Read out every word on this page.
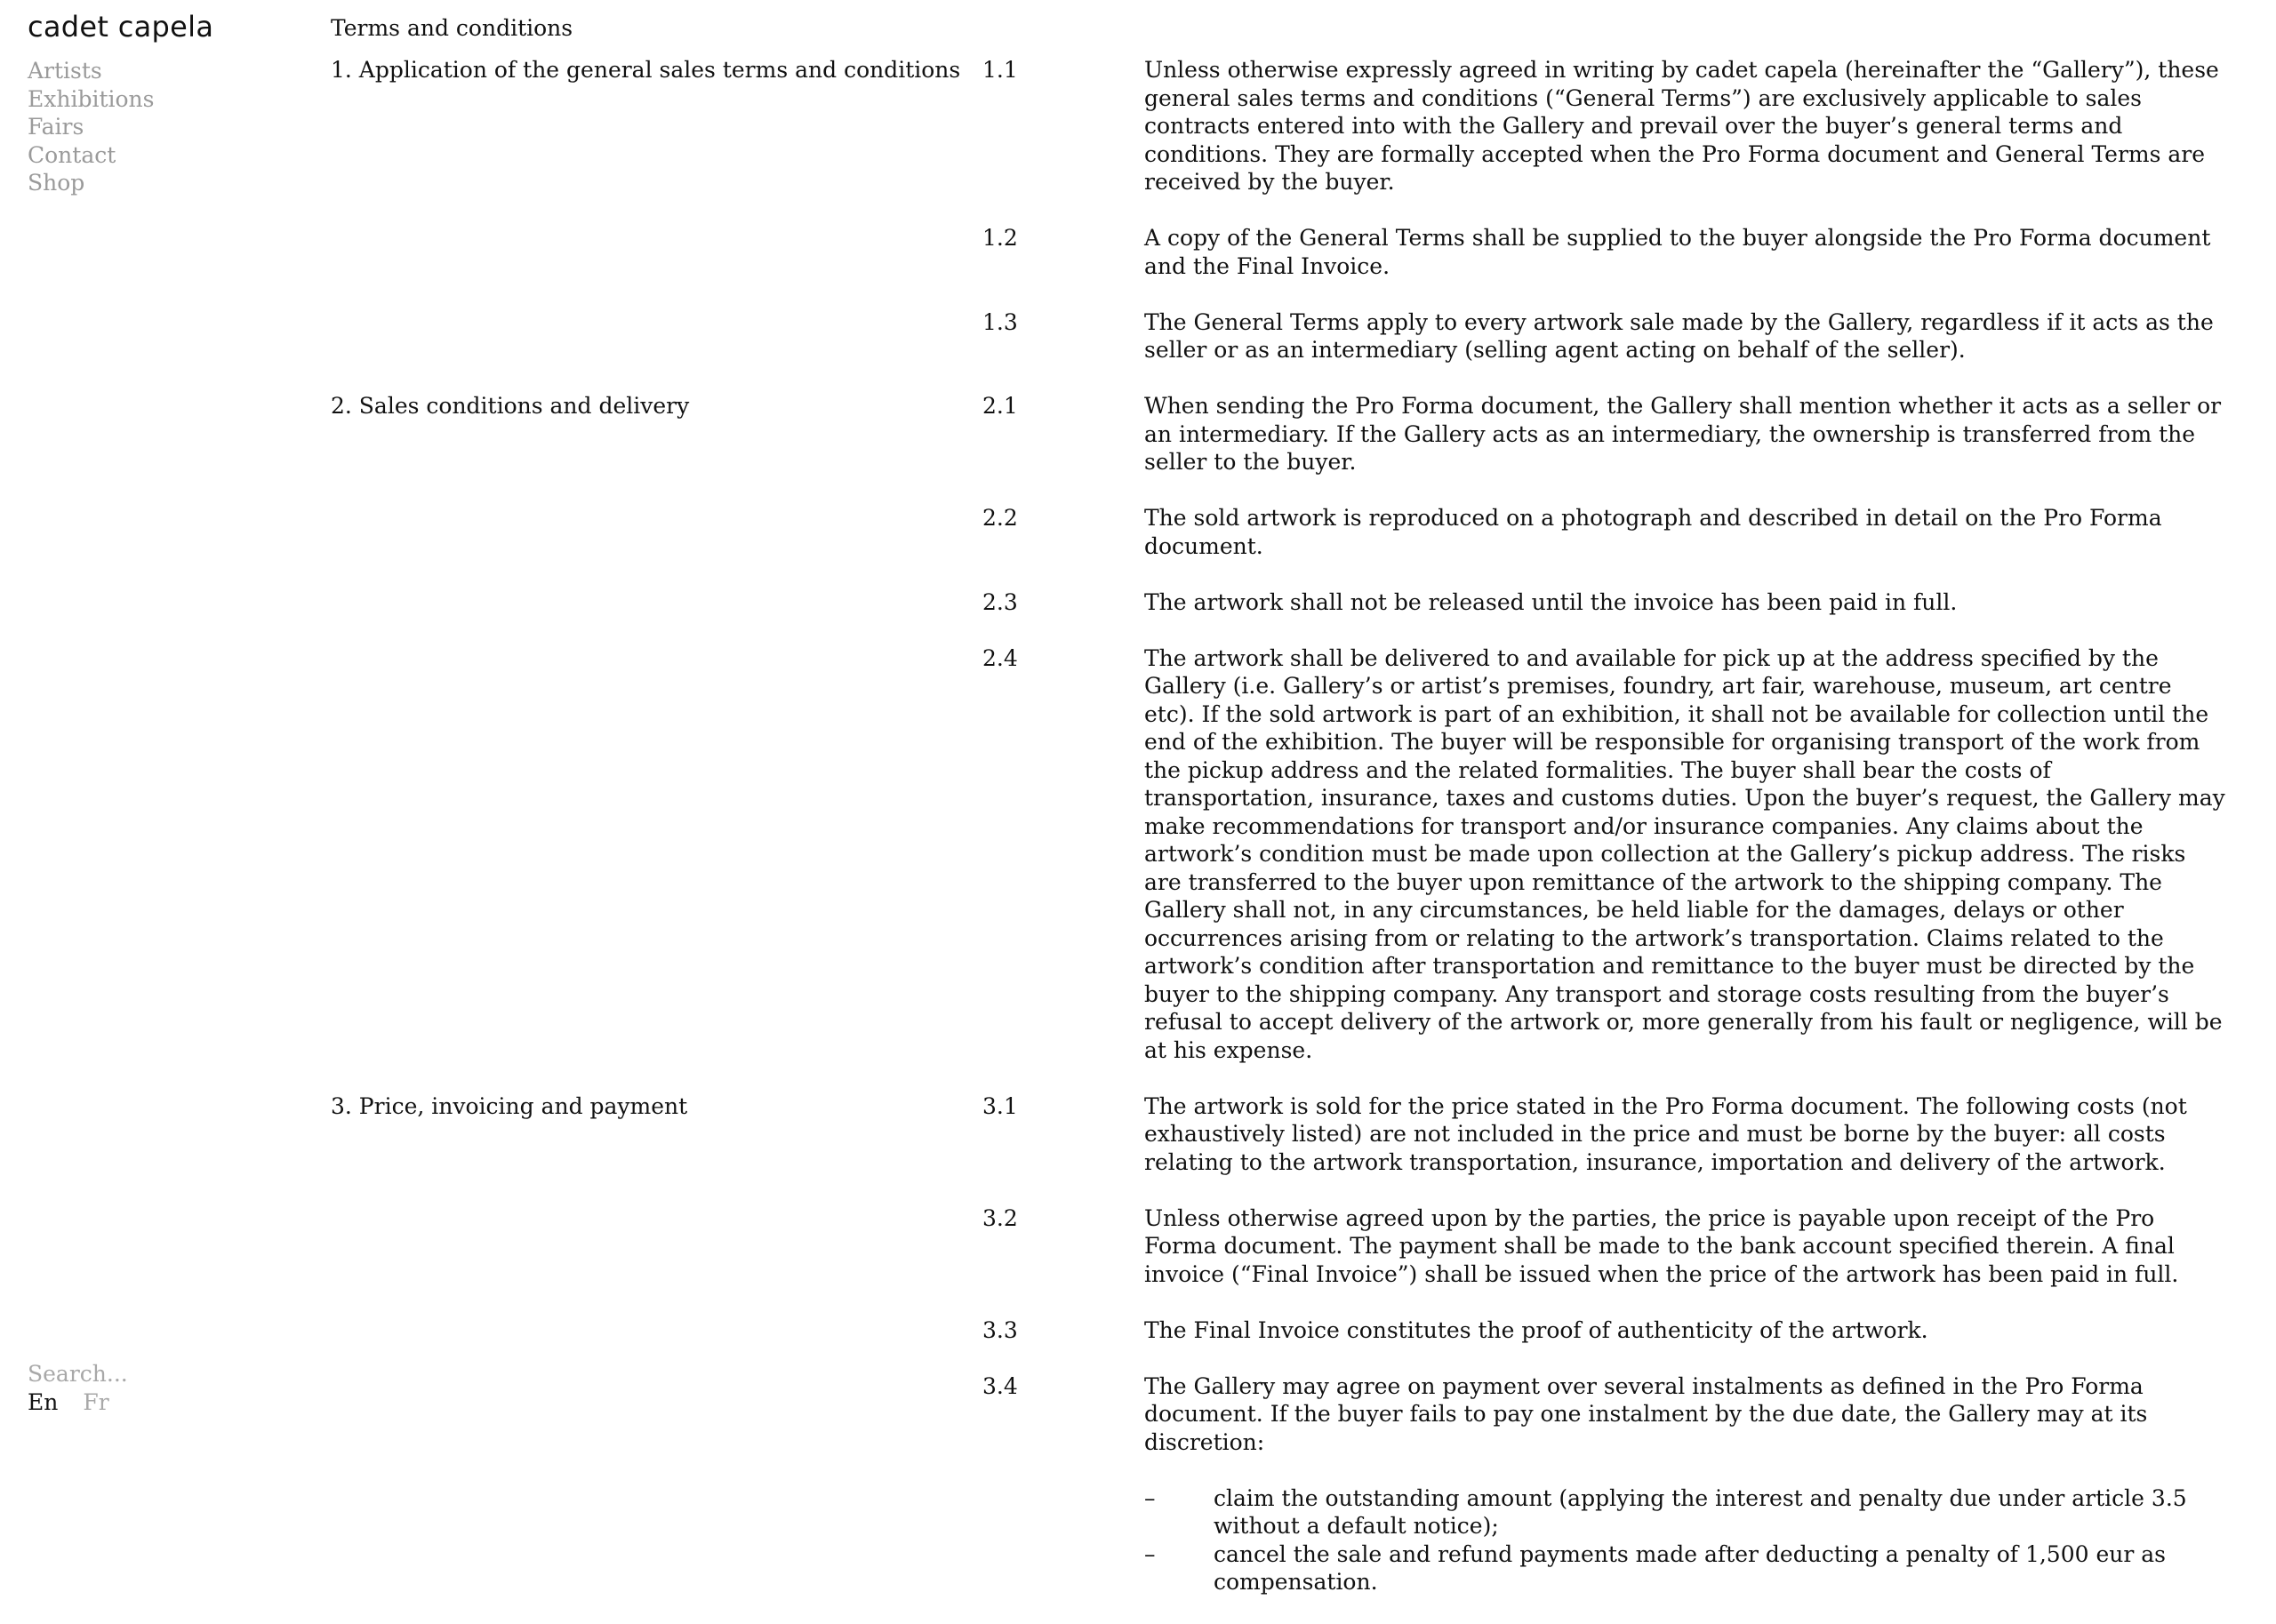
cadet capela
Artists
Exhibitions
Fairs
Contact
Shop
Search...
En Fr
Terms and conditions
1. Application of the general sales terms and conditions 1.1	Unless otherwise expressly agreed in writing by cadet capela (hereinafter the “Gallery”), these general sales terms and conditions (“General Terms”) are exclusively applicable to sales contracts entered into with the Gallery and prevail over the buyer’s general terms and conditions. They are formally accepted when the Pro Forma document and General Terms are received by the buyer.
1.2	A copy of the General Terms shall be supplied to the buyer alongside the Pro Forma document and the Final Invoice.
1.3	The General Terms apply to every artwork sale made by the Gallery, regardless if it acts as the seller or as an intermediary (selling agent acting on behalf of the seller).
2. Sales conditions and delivery	2.1	When sending the Pro Forma document, the Gallery shall mention whether it acts as a seller or an intermediary. If the Gallery acts as an intermediary, the ownership is transferred from the seller to the buyer.
2.2	The sold artwork is reproduced on a photograph and described in detail on the Pro Forma document.
2.3	The artwork shall not be released until the invoice has been paid in full.
2.4	The artwork shall be delivered to and available for pick up at the address specified by the Gallery (i.e. Gallery’s or artist’s premises, foundry, art fair, warehouse, museum, art centre etc). If the sold artwork is part of an exhibition, it shall not be available for collection until the end of the exhibition. The buyer will be responsible for organising transport of the work from the pickup address and the related formalities. The buyer shall bear the costs of transportation, insurance, taxes and customs duties. Upon the buyer’s request, the Gallery may make recommendations for transport and/or insurance companies. Any claims about the artwork’s condition must be made upon collection at the Gallery’s pickup address. The risks are transferred to the buyer upon remittance of the artwork to the shipping company. The Gallery shall not, in any circumstances, be held liable for the damages, delays or other occurrences arising from or relating to the artwork’s transportation. Claims related to the artwork’s condition after transportation and remittance to the buyer must be directed by the buyer to the shipping company. Any transport and storage costs resulting from the buyer’s refusal to accept delivery of the artwork or, more generally from his fault or negligence, will be at his expense.
3. Price, invoicing and payment	3.1	The artwork is sold for the price stated in the Pro Forma document. The following costs (not exhaustively listed) are not included in the price and must be borne by the buyer: all costs relating to the artwork transportation, insurance, importation and delivery of the artwork.
3.2	Unless otherwise agreed upon by the parties, the price is payable upon receipt of the Pro Forma document. The payment shall be made to the bank account specified therein. A final invoice (“Final Invoice”) shall be issued when the price of the artwork has been paid in full.
3.3	The Final Invoice constitutes the proof of authenticity of the artwork.
3.4	The Gallery may agree on payment over several instalments as defined in the Pro Forma document. If the buyer fails to pay one instalment by the due date, the Gallery may at its discretion:

–	claim the outstanding amount (applying the interest and penalty due under article 3.5 without a default notice);
–	cancel the sale and refund payments made after deducting a penalty of 1,500 eur as compensation.
